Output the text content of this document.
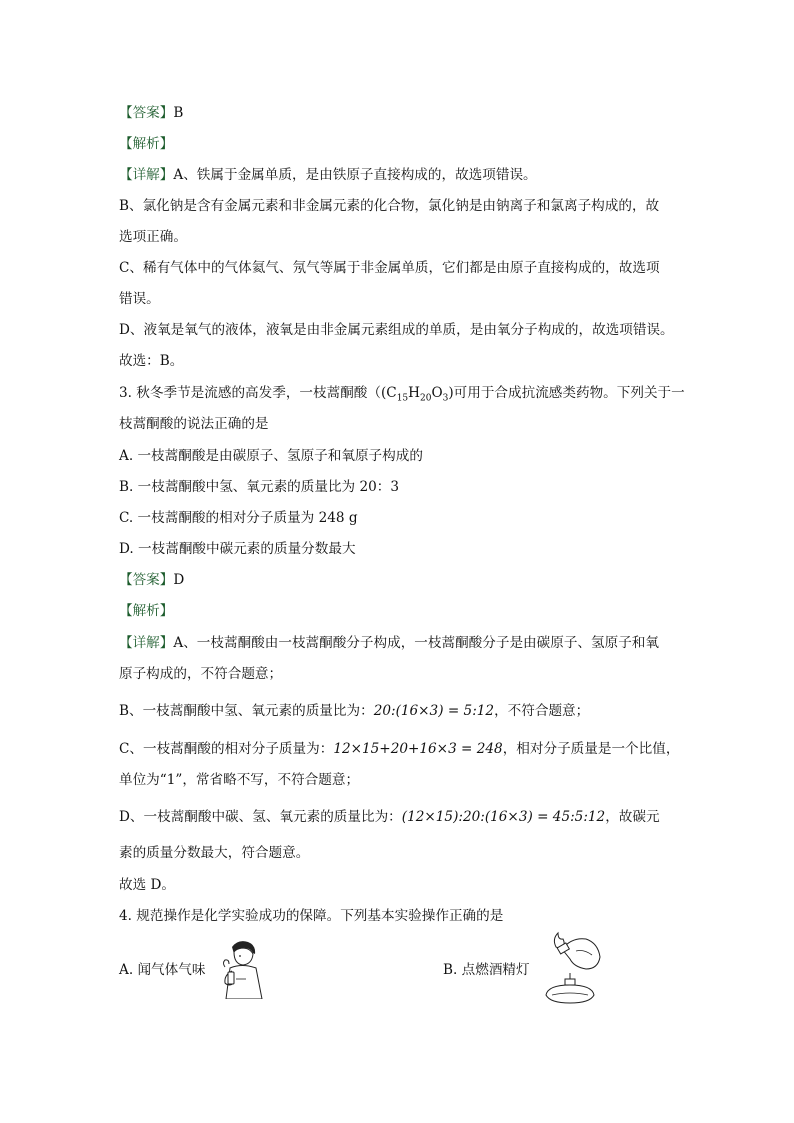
【答案】B
【解析】
【详解】A、铁属于金属单质，是由铁原子直接构成的，故选项错误。
B、氯化钠是含有金属元素和非金属元素的化合物，氯化钠是由钠离子和氯离子构成的，故
选项正确。
C、稀有气体中的气体氦气、氖气等属于非金属单质，它们都是由原子直接构成的，故选项
错误。
D、液氧是氧气的液体，液氧是由非金属元素组成的单质，是由氧分子构成的，故选项错误。
故选：B。
3. 秋冬季节是流感的高发季，一枝蒿酮酸（$(C_{15}H_{20}O_3)$可用于合成抗流感类药物。下列关于一
枝蒿酮酸的说法正确的是
A. 一枝蒿酮酸是由碳原子、氢原子和氧原子构成的
B. 一枝蒿酮酸中氢、氧元素的质量比为 20：3
C. 一枝蒿酮酸的相对分子质量为 248 g
D. 一枝蒿酮酸中碳元素的质量分数最大
【答案】D
【解析】
【详解】A、一枝蒿酮酸由一枝蒿酮酸分子构成，一枝蒿酮酸分子是由碳原子、氢原子和氧
原子构成的，不符合题意；
B、一枝蒿酮酸中氢、氧元素的质量比为：20:(16×3) = 5:12，不符合题意；
C、一枝蒿酮酸的相对分子质量为：12×15+20+16×3 = 248，相对分子质量是一个比值，
单位为“1”，常省略不写，不符合题意；
D、一枝蒿酮酸中碳、氢、氧元素的质量比为：(12×15):20:(16×3) = 45:5:12，故碳元
素的质量分数最大，符合题意。
故选 D。
4. 规范操作是化学实验成功的保障。下列基本实验操作正确的是
A. 闻气体气味	B. 点燃酒精灯
